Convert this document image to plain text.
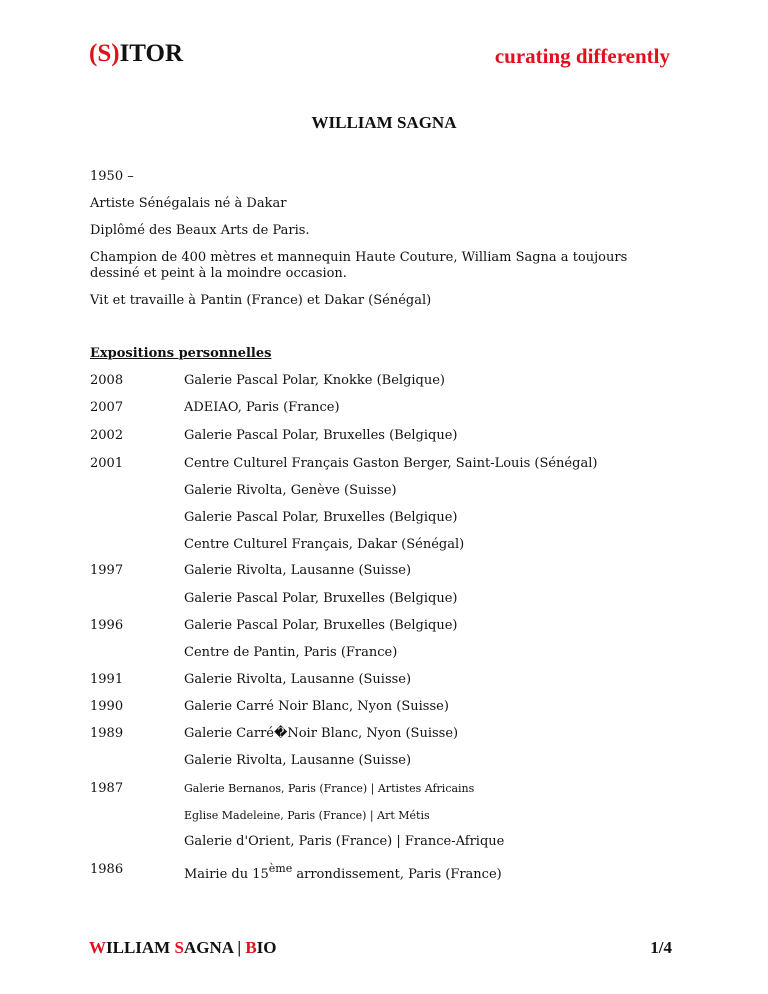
(S)ITOR	curating differently
WILLIAM SAGNA
1950 –
Artiste Sénégalais né à Dakar
Diplômé des Beaux Arts de Paris.
Champion de 400 mètres et mannequin Haute Couture, William Sagna a toujours
dessiné et peint à la moindre occasion.
Vit et travaille à Pantin (France) et Dakar (Sénégal)
Expositions personnelles
2008
2007
2002
2001
1997
1996
1991
1990
1989
1987
1986
Galerie Pascal Polar, Knokke (Belgique)
ADEIAO, Paris (France)
Galerie Pascal Polar, Bruxelles (Belgique)
Centre Culturel Français Gaston Berger, Saint-Louis (Sénégal)
Galerie Rivolta, Genève (Suisse)
Galerie Pascal Polar, Bruxelles (Belgique)
Centre Culturel Français, Dakar (Sénégal)
Galerie Rivolta, Lausanne (Suisse)
Galerie Pascal Polar, Bruxelles (Belgique)
Galerie Pascal Polar, Bruxelles (Belgique)
Centre de Pantin, Paris (France)
Galerie Rivolta, Lausanne (Suisse)
Galerie Carré Noir Blanc, Nyon (Suisse)
Galerie Carré�Noir Blanc, Nyon (Suisse)
Galerie Rivolta, Lausanne (Suisse)
Galerie Bernanos, Paris (France) | Artistes Africains
Eglise Madeleine, Paris (France) | Art Métis
Galerie d'Orient, Paris (France) | France-Afrique
Mairie du 15ème arrondissement, Paris (France)
WILLIAM SAGNA | BIO	1/4
